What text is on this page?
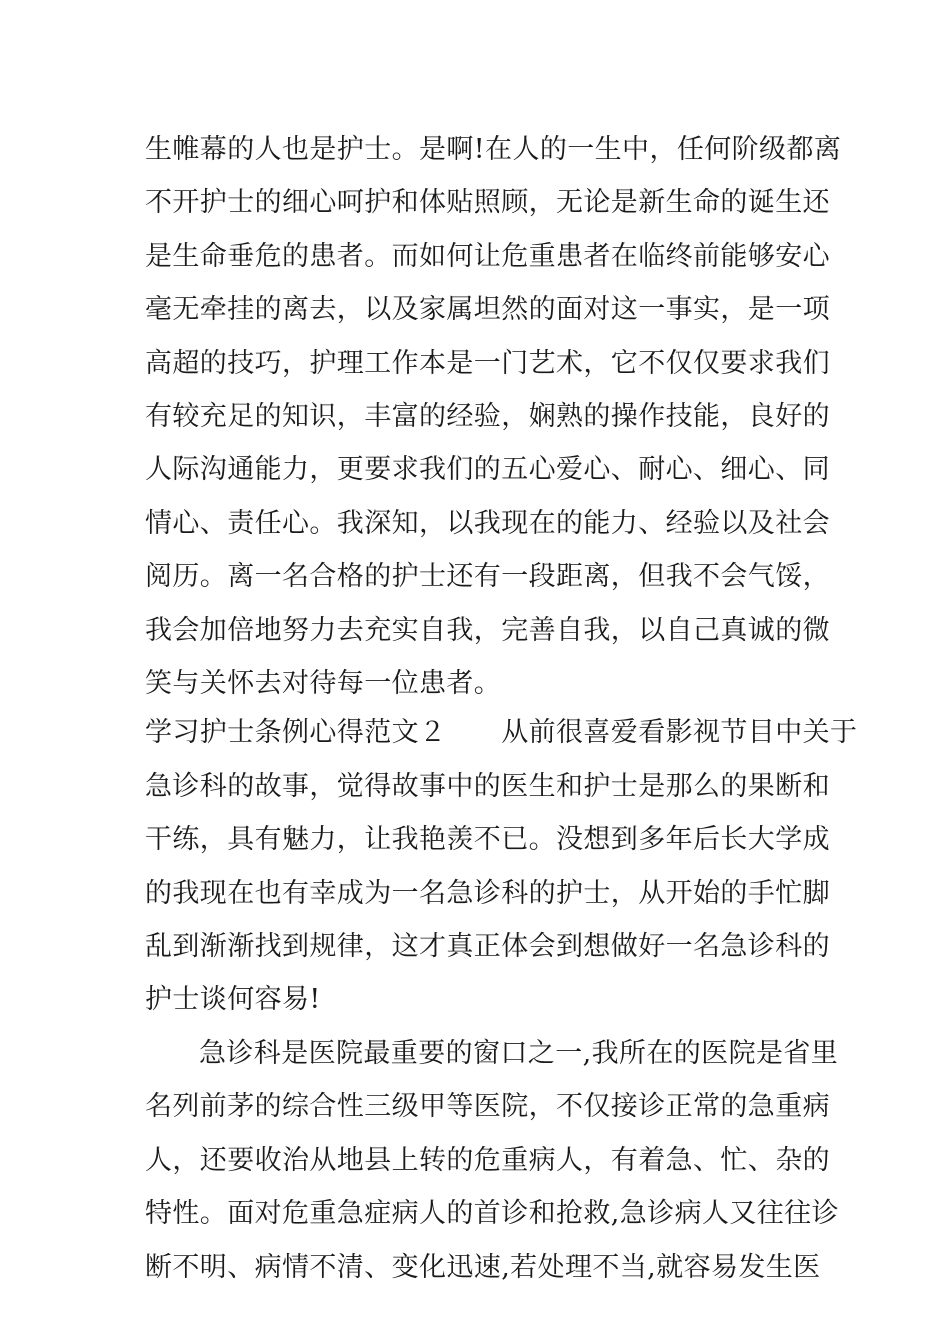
生帷幕的人也是护士。是啊!在人的一生中，任何阶级都离
不开护士的细心呵护和体贴照顾，无论是新生命的诞生还
是生命垂危的患者。而如何让危重患者在临终前能够安心
毫无牵挂的离去，以及家属坦然的面对这一事实，是一项
高超的技巧，护理工作本是一门艺术，它不仅仅要求我们
有较充足的知识，丰富的经验，娴熟的操作技能，良好的
人际沟通能力，更要求我们的五心爱心、耐心、细心、同
情心、责任心。我深知，以我现在的能力、经验以及社会
阅历。离一名合格的护士还有一段距离，但我不会气馁，
我会加倍地努力去充实自我，完善自我，以自己真诚的微
笑与关怀去对待每一位患者。
学习护士条例心得范文２　　从前很喜爱看影视节目中关于
急诊科的故事，觉得故事中的医生和护士是那么的果断和
干练，具有魅力，让我艳羡不已。没想到多年后长大学成
的我现在也有幸成为一名急诊科的护士，从开始的手忙脚
乱到渐渐找到规律，这才真正体会到想做好一名急诊科的
护士谈何容易!
急诊科是医院最重要的窗口之一,我所在的医院是省里
名列前茅的综合性三级甲等医院，不仅接诊正常的急重病
人，还要收治从地县上转的危重病人，有着急、忙、杂的
特性。面对危重急症病人的首诊和抢救,急诊病人又往往诊
断不明、病情不清、变化迅速,若处理不当,就容易发生医
